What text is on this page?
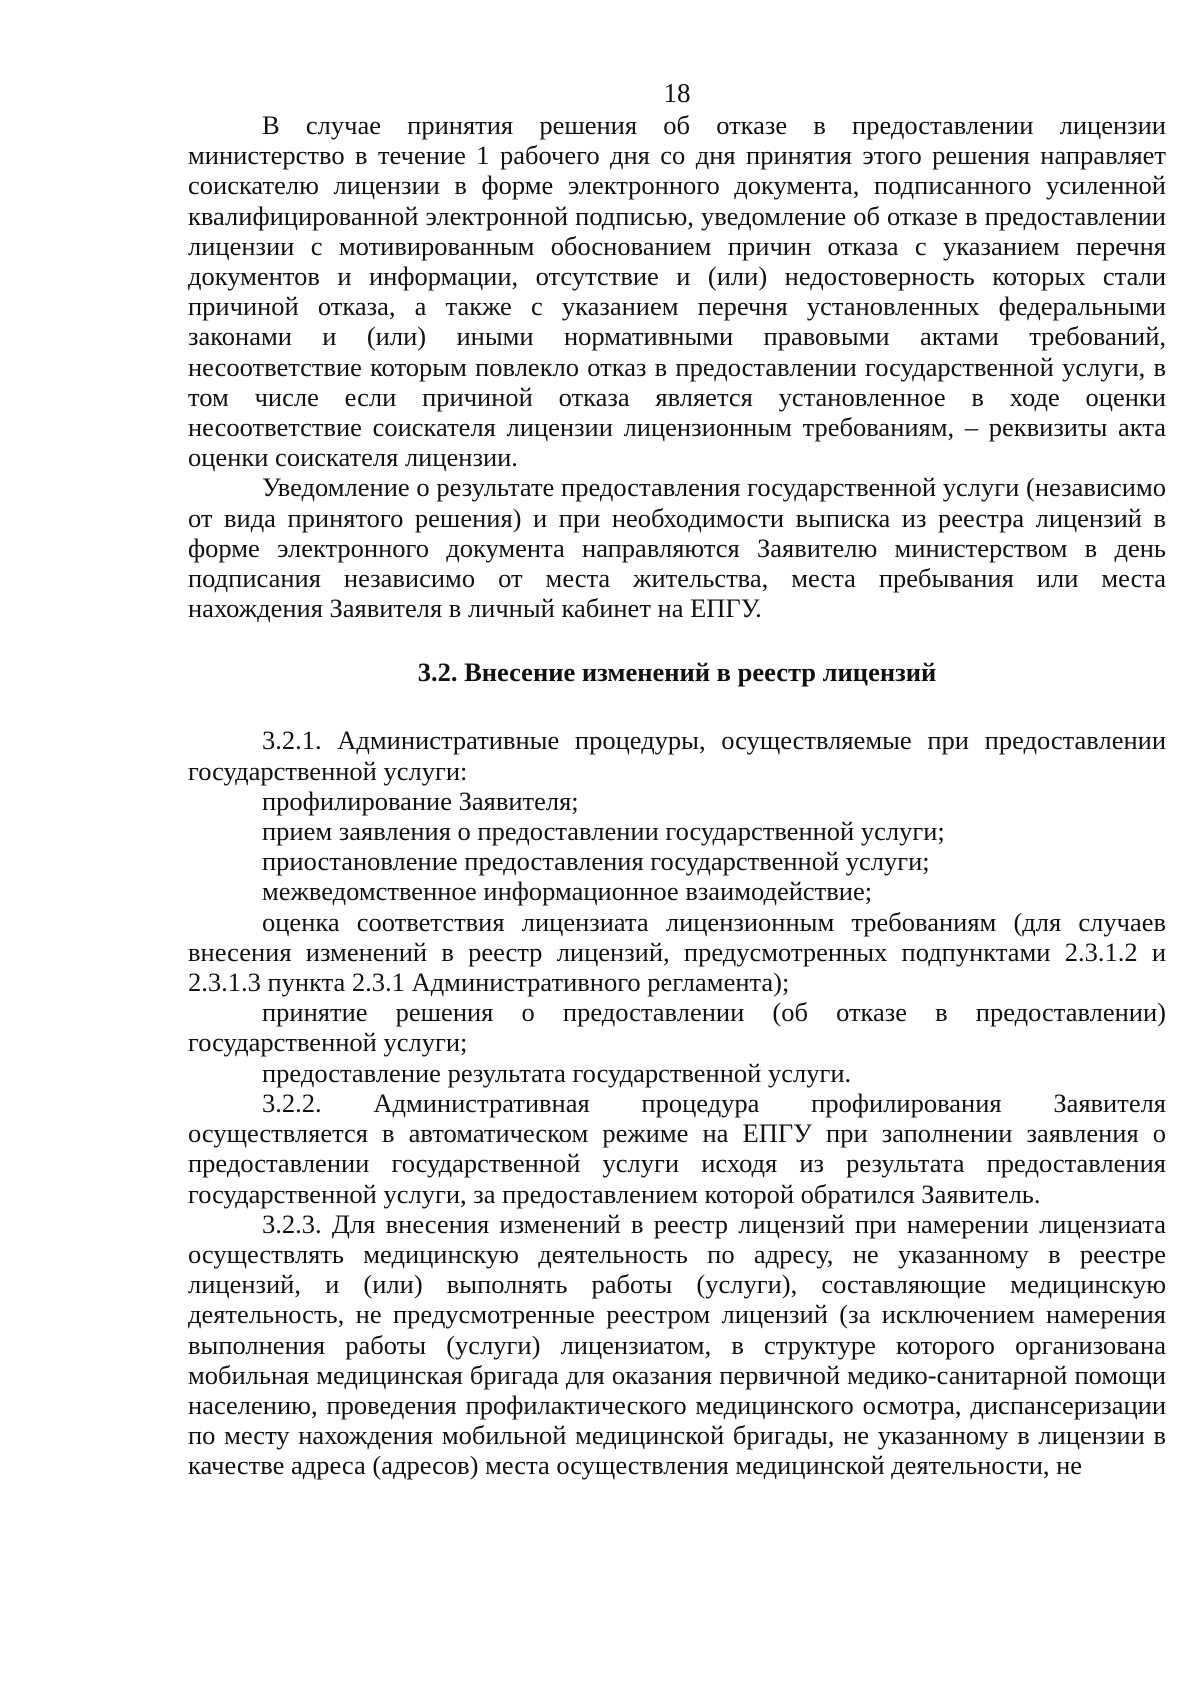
18

В случае принятия решения об отказе в предоставлении лицензии министерство в течение 1 рабочего дня со дня принятия этого решения направляет соискателю лицензии в форме электронного документа, подписанного усиленной квалифицированной электронной подписью, уведомление об отказе в предоставлении лицензии с мотивированным обоснованием причин отказа с указанием перечня документов и информации, отсутствие и (или) недостоверность которых стали причиной отказа, а также с указанием перечня установленных федеральными законами и (или) иными нормативными правовыми актами требований, несоответствие которым повлекло отказ в предоставлении государственной услуги, в том числе если причиной отказа является установленное в ходе оценки несоответствие соискателя лицензии лицензионным требованиям, – реквизиты акта оценки соискателя лицензии.

Уведомление о результате предоставления государственной услуги (независимо от вида принятого решения) и при необходимости выписка из реестра лицензий в форме электронного документа направляются Заявителю министерством в день подписания независимо от места жительства, места пребывания или места нахождения Заявителя в личный кабинет на ЕПГУ.

3.2. Внесение изменений в реестр лицензий

3.2.1. Административные процедуры, осуществляемые при предоставлении государственной услуги:

профилирование Заявителя;

прием заявления о предоставлении государственной услуги;

приостановление предоставления государственной услуги;

межведомственное информационное взаимодействие;

оценка соответствия лицензиата лицензионным требованиям (для случаев внесения изменений в реестр лицензий, предусмотренных подпунктами 2.3.1.2 и 2.3.1.3 пункта 2.3.1 Административного регламента);

принятие решения о предоставлении (об отказе в предоставлении) государственной услуги;

предоставление результата государственной услуги.

3.2.2. Административная процедура профилирования Заявителя осуществляется в автоматическом режиме на ЕПГУ при заполнении заявления о предоставлении государственной услуги исходя из результата предоставления государственной услуги, за предоставлением которой обратился Заявитель.

3.2.3. Для внесения изменений в реестр лицензий при намерении лицензиата осуществлять медицинскую деятельность по адресу, не указанному в реестре лицензий, и (или) выполнять работы (услуги), составляющие медицинскую деятельность, не предусмотренные реестром лицензий (за исключением намерения выполнения работы (услуги) лицензиатом, в структуре которого организована мобильная медицинская бригада для оказания первичной медико-санитарной помощи населению, проведения профилактического медицинского осмотра, диспансеризации по месту нахождения мобильной медицинской бригады, не указанному в лицензии в качестве адреса (адресов) места осуществления медицинской деятельности, не
